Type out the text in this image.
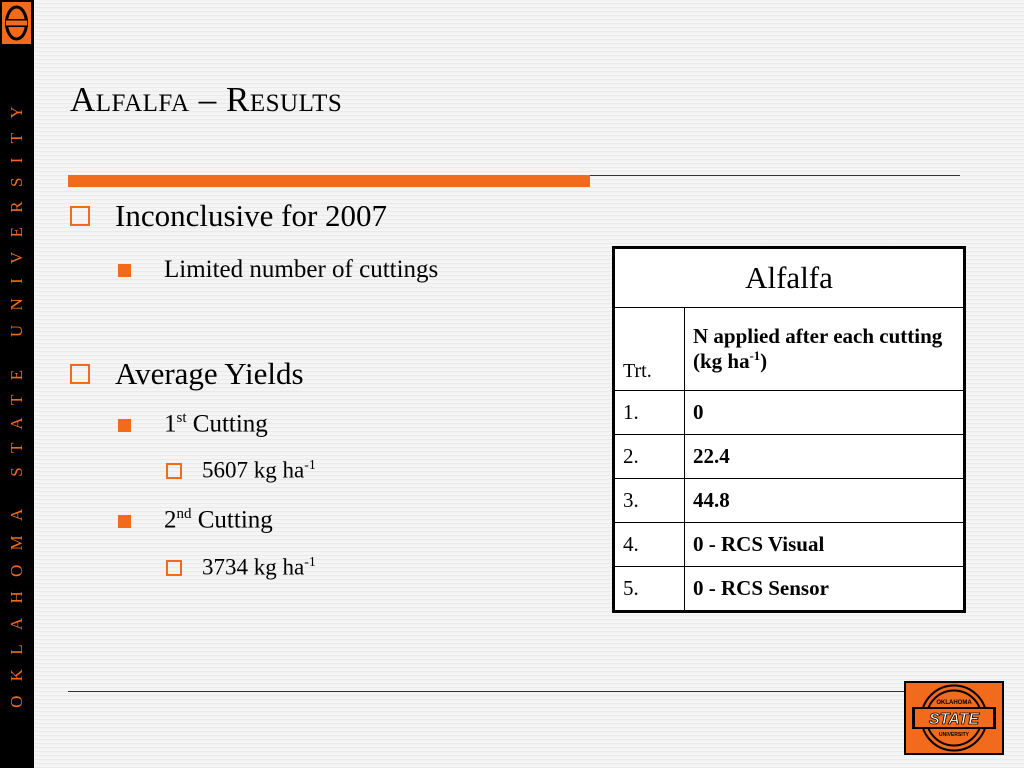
OKLAHOMA STATE UNIVERSITY Alfalfa – Results
Inconclusive for 2007
Limited number of cuttings
Average Yields
1st Cutting
5607 kg $ha^{-1}$
2nd Cutting
3734 kg $ha^{-1}$
Alfalfa	
Trt.	N applied after each cutting (kg $ha^{-1}$)
1.	0
2.	22.4
3.	44.8
4.	0 - RCS Visual
5.	0 - RCS Sensor
OKLAHOMA
STATE
UNIVERSITY
